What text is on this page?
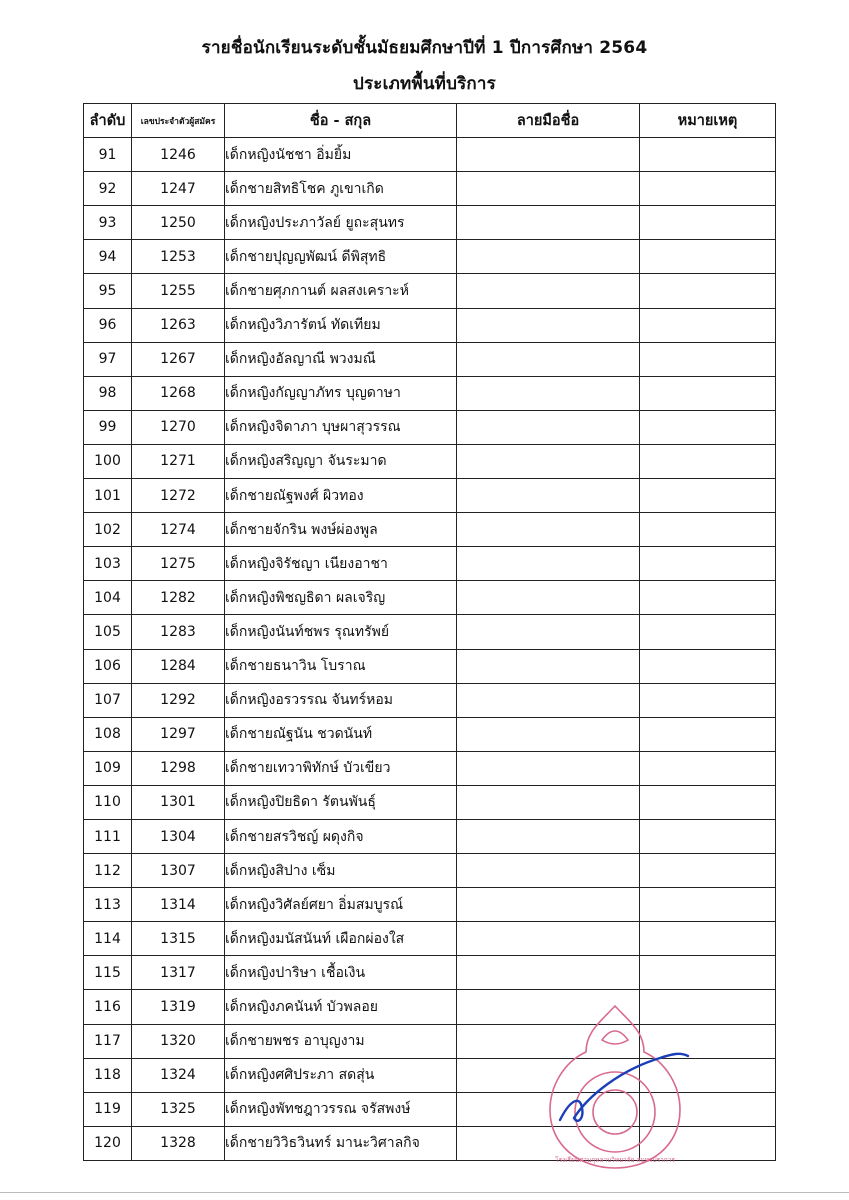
รายชื่อนักเรียนระดับชั้นมัธยมศึกษาปีที่ 1 ปีการศึกษา 2564
ประเภทพื้นที่บริการ
ลำดับ	เลขประจำตัวผู้สมัคร	ชื่อ - สกุล	ลายมือชื่อ	หมายเหตุ
91	1246	เด็กหญิงนัชชา อิ่มยิ้ม		
92	1247	เด็กชายสิทธิโชค ภูเขาเกิด		
93	1250	เด็กหญิงประภาวัลย์ ยูถะสุนทร		
94	1253	เด็กชายปุญญพัฒน์ ดีพิสุทธิ		
95	1255	เด็กชายศุภกานต์ ผลสงเคราะห์		
96	1263	เด็กหญิงวิภารัตน์ ทัดเทียม		
97	1267	เด็กหญิงอัลญาณี พวงมณี		
98	1268	เด็กหญิงกัญญาภัทร บุญดาษา		
99	1270	เด็กหญิงจิดาภา บุษผาสุวรรณ		
100	1271	เด็กหญิงสริญญา จันระมาด		
101	1272	เด็กชายณัฐพงศ์ ผิวทอง		
102	1274	เด็กชายจักริน พงษ์ผ่องพูล		
103	1275	เด็กหญิงจิรัชญา เนียงอาชา		
104	1282	เด็กหญิงพิชญธิดา ผลเจริญ		
105	1283	เด็กหญิงนันท์ชพร รุณทรัพย์		
106	1284	เด็กชายธนาวิน โบราณ		
107	1292	เด็กหญิงอรวรรณ จันทร์หอม		
108	1297	เด็กชายณัฐนัน ชวดนันท์		
109	1298	เด็กชายเทวาพิทักษ์ บัวเขียว		
110	1301	เด็กหญิงปิยธิดา รัตนพันธุ์		
111	1304	เด็กชายสรวิชญ์ ผดุงกิจ		
112	1307	เด็กหญิงสิปาง เซ็ม		
113	1314	เด็กหญิงวิศัลย์ศยา อิ่มสมบูรณ์		
114	1315	เด็กหญิงมนัสนันท์ เผือกผ่องใส		
115	1317	เด็กหญิงปาริษา เชื้อเงิน		
116	1319	เด็กหญิงภคนันท์ บัวพลอย		
117	1320	เด็กชายพชร อาบุญงาม		
118	1324	เด็กหญิงศศิประภา สดสุ่น		
119	1325	เด็กหญิงพัทชฎาวรรณ จรัสพงษ์		
120	1328	เด็กชายวิวิธวินทร์ มานะวิศาลกิจ		
โรงเรียนสวนกุหลาบวิทยาลัย สมุทรปราการ
